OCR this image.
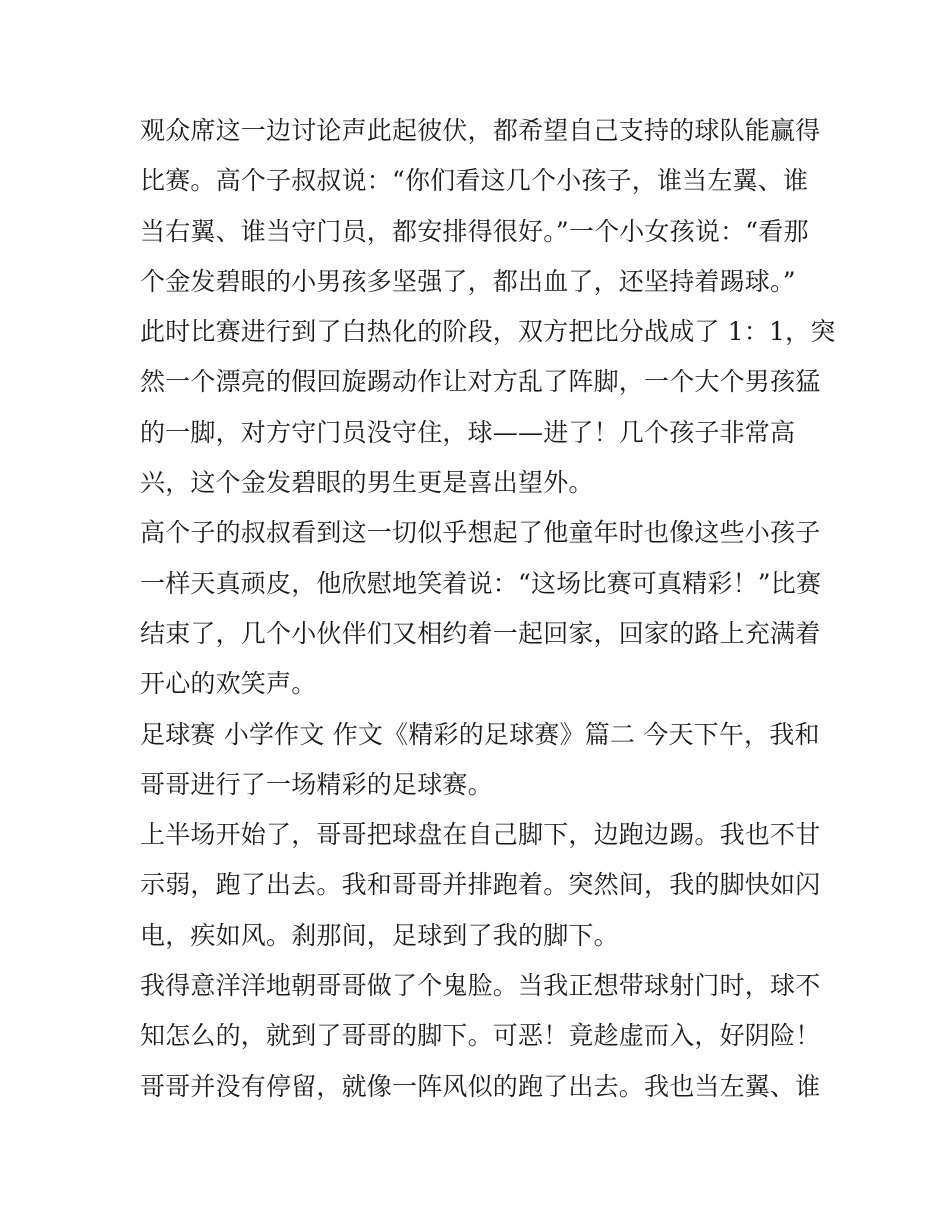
观众席这一边讨论声此起彼伏，都希望自己支持的球队能赢得
比赛。高个子叔叔说：“你们看这几个小孩子，谁当左翼、谁
当右翼、谁当守门员，都安排得很好。”一个小女孩说：“看那
个金发碧眼的小男孩多坚强了，都出血了，还坚持着踢球。”
此时比赛进行到了白热化的阶段，双方把比分战成了 1：1，突
然一个漂亮的假回旋踢动作让对方乱了阵脚，一个大个男孩猛
的一脚，对方守门员没守住，球——进了！几个孩子非常高
兴，这个金发碧眼的男生更是喜出望外。
高个子的叔叔看到这一切似乎想起了他童年时也像这些小孩子
一样天真顽皮，他欣慰地笑着说：“这场比赛可真精彩！”比赛
结束了，几个小伙伴们又相约着一起回家，回家的路上充满着
开心的欢笑声。
足球赛 小学作文 作文《精彩的足球赛》篇二 今天下午，我和
哥哥进行了一场精彩的足球赛。
上半场开始了，哥哥把球盘在自己脚下，边跑边踢。我也不甘
示弱，跑了出去。我和哥哥并排跑着。突然间，我的脚快如闪
电，疾如风。刹那间，足球到了我的脚下。
我得意洋洋地朝哥哥做了个鬼脸。当我正想带球射门时，球不
知怎么的，就到了哥哥的脚下。可恶！竟趁虚而入，好阴险！
哥哥并没有停留，就像一阵风似的跑了出去。我也当左翼、谁
